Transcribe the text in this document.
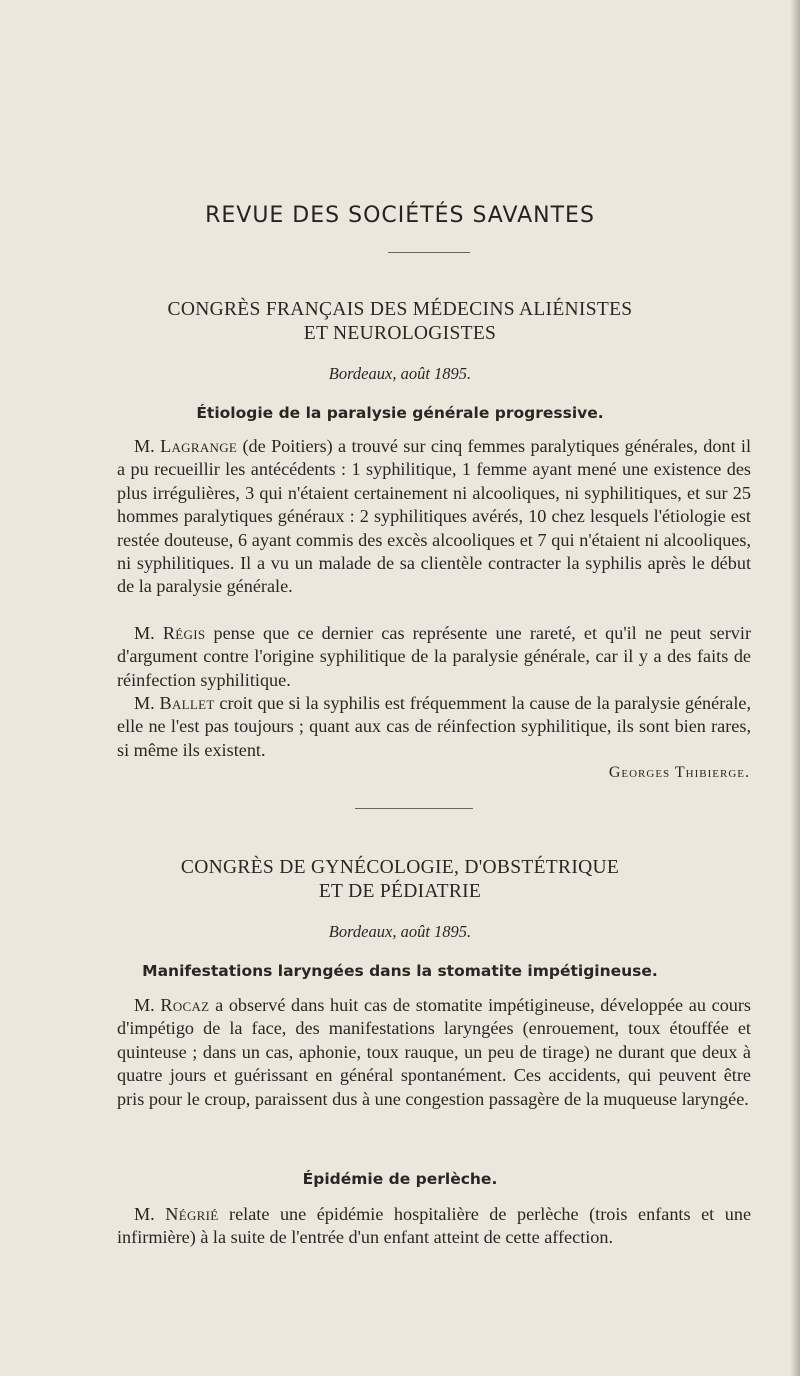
REVUE DES SOCIÉTÉS SAVANTES
CONGRÈS FRANÇAIS DES MÉDECINS ALIÉNISTES
ET NEUROLOGISTES
Bordeaux, août 1895.
Étiologie de la paralysie générale progressive.

M. Lagrange (de Poitiers) a trouvé sur cinq femmes paralytiques générales, dont il a pu recueillir les antécédents : 1 syphilitique, 1 femme ayant mené une existence des plus irrégulières, 3 qui n'étaient certainement ni alcooliques, ni syphilitiques, et sur 25 hommes paralytiques généraux : 2 syphilitiques avérés, 10 chez lesquels l'étiologie est restée douteuse, 6 ayant commis des excès alcooliques et 7 qui n'étaient ni alcooliques, ni syphilitiques. Il a vu un malade de sa clientèle contracter la syphilis après le début de la paralysie générale.

M. Régis pense que ce dernier cas représente une rareté, et qu'il ne peut servir d'argument contre l'origine syphilitique de la paralysie générale, car il y a des faits de réinfection syphilitique.

M. Ballet croit que si la syphilis est fréquemment la cause de la paralysie générale, elle ne l'est pas toujours ; quant aux cas de réinfection syphilitique, ils sont bien rares, si même ils existent.

Georges Thibierge.
CONGRÈS DE GYNÉCOLOGIE, D'OBSTÉTRIQUE
ET DE PÉDIATRIE
Bordeaux, août 1895.
Manifestations laryngées dans la stomatite impétigineuse.

M. Rocaz a observé dans huit cas de stomatite impétigineuse, développée au cours d'impétigo de la face, des manifestations laryngées (enrouement, toux étouffée et quinteuse ; dans un cas, aphonie, toux rauque, un peu de tirage) ne durant que deux à quatre jours et guérissant en général spontanément. Ces accidents, qui peuvent être pris pour le croup, paraissent dus à une congestion passagère de la muqueuse laryngée.

Épidémie de perlèche.

M. Négrié relate une épidémie hospitalière de perlèche (trois enfants et une infirmière) à la suite de l'entrée d'un enfant atteint de cette affection.
